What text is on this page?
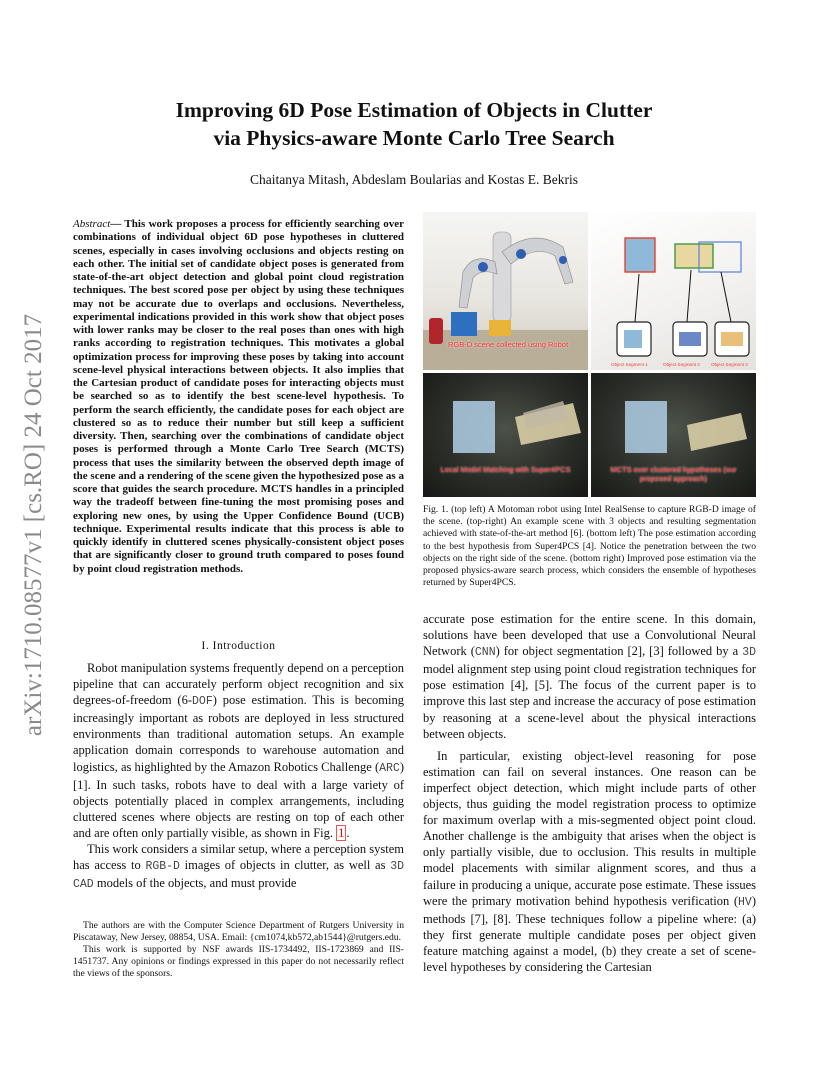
Improving 6D Pose Estimation of Objects in Clutter
via Physics-aware Monte Carlo Tree Search
Chaitanya Mitash, Abdeslam Boularias and Kostas E. Bekris
arXiv:1710.08577v1 [cs.RO] 24 Oct 2017
Abstract— This work proposes a process for efficiently searching over combinations of individual object 6D pose hypotheses in cluttered scenes, especially in cases involving occlusions and objects resting on each other. The initial set of candidate object poses is generated from state-of-the-art object detection and global point cloud registration techniques. The best scored pose per object by using these techniques may not be accurate due to overlaps and occlusions. Nevertheless, experimental indications provided in this work show that object poses with lower ranks may be closer to the real poses than ones with high ranks according to registration techniques. This motivates a global optimization process for improving these poses by taking into account scene-level physical interactions between objects. It also implies that the Cartesian product of candidate poses for interacting objects must be searched so as to identify the best scene-level hypothesis. To perform the search efficiently, the candidate poses for each object are clustered so as to reduce their number but still keep a sufficient diversity. Then, searching over the combinations of candidate object poses is performed through a Monte Carlo Tree Search (MCTS) process that uses the similarity between the observed depth image of the scene and a rendering of the scene given the hypothesized pose as a score that guides the search procedure. MCTS handles in a principled way the tradeoff between fine-tuning the most promising poses and exploring new ones, by using the Upper Confidence Bound (UCB) technique. Experimental results indicate that this process is able to quickly identify in cluttered scenes physically-consistent object poses that are significantly closer to ground truth compared to poses found by point cloud registration methods.
I. Introduction

Robot manipulation systems frequently depend on a perception pipeline that can accurately perform object recognition and six degrees-of-freedom (6-DOF) pose estimation. This is becoming increasingly important as robots are deployed in less structured environments than traditional automation setups. An example application domain corresponds to warehouse automation and logistics, as highlighted by the Amazon Robotics Challenge (ARC) [1]. In such tasks, robots have to deal with a large variety of objects potentially placed in complex arrangements, including cluttered scenes where objects are resting on top of each other and are often only partially visible, as shown in Fig. 1 .

This work considers a similar setup, where a perception system has access to RGB-D images of objects in clutter, as well as 3D CAD models of the objects, and must provide

The authors are with the Computer Science Department of Rutgers University in Piscataway, New Jersey, 08854, USA. Email: {cm1074,kb572,ab1544}@rutgers.edu.

This work is supported by NSF awards IIS-1734492, IIS-1723869 and IIS-1451737. Any opinions or findings expressed in this paper do not necessarily reflect the views of the sponsors.

RGB-D scene collected using Robot
Object Segment 1	Object Segment 2 Object Segment 3
Local Model Matching with Super4PCS	MCTS over clustered hypotheses (our proposed approach)
Fig. 1. (top left) A Motoman robot using Intel RealSense to capture RGB-D image of the scene. (top-right) An example scene with 3 objects and resulting segmentation achieved with state-of-the-art method [6]. (bottom left) The pose estimation according to the best hypothesis from Super4PCS [4]. Notice the penetration between the two objects on the right side of the scene. (bottom right) Improved pose estimation via the proposed physics-aware search process, which considers the ensemble of hypotheses returned by Super4PCS.

accurate pose estimation for the entire scene. In this domain, solutions have been developed that use a Convolutional Neural Network (CNN) for object segmentation [2], [3] followed by a 3D model alignment step using point cloud registration techniques for pose estimation [4], [5]. The focus of the current paper is to improve this last step and increase the accuracy of pose estimation by reasoning at a scene-level about the physical interactions between objects.

In particular, existing object-level reasoning for pose estimation can fail on several instances. One reason can be imperfect object detection, which might include parts of other objects, thus guiding the model registration process to optimize for maximum overlap with a mis-segmented object point cloud. Another challenge is the ambiguity that arises when the object is only partially visible, due to occlusion. This results in multiple model placements with similar alignment scores, and thus a failure in producing a unique, accurate pose estimate. These issues were the primary motivation behind hypothesis verification (HV) methods [7], [8]. These techniques follow a pipeline where: (a) they first generate multiple candidate poses per object given feature matching against a model, (b) they create a set of scene-level hypotheses by considering the Cartesian
